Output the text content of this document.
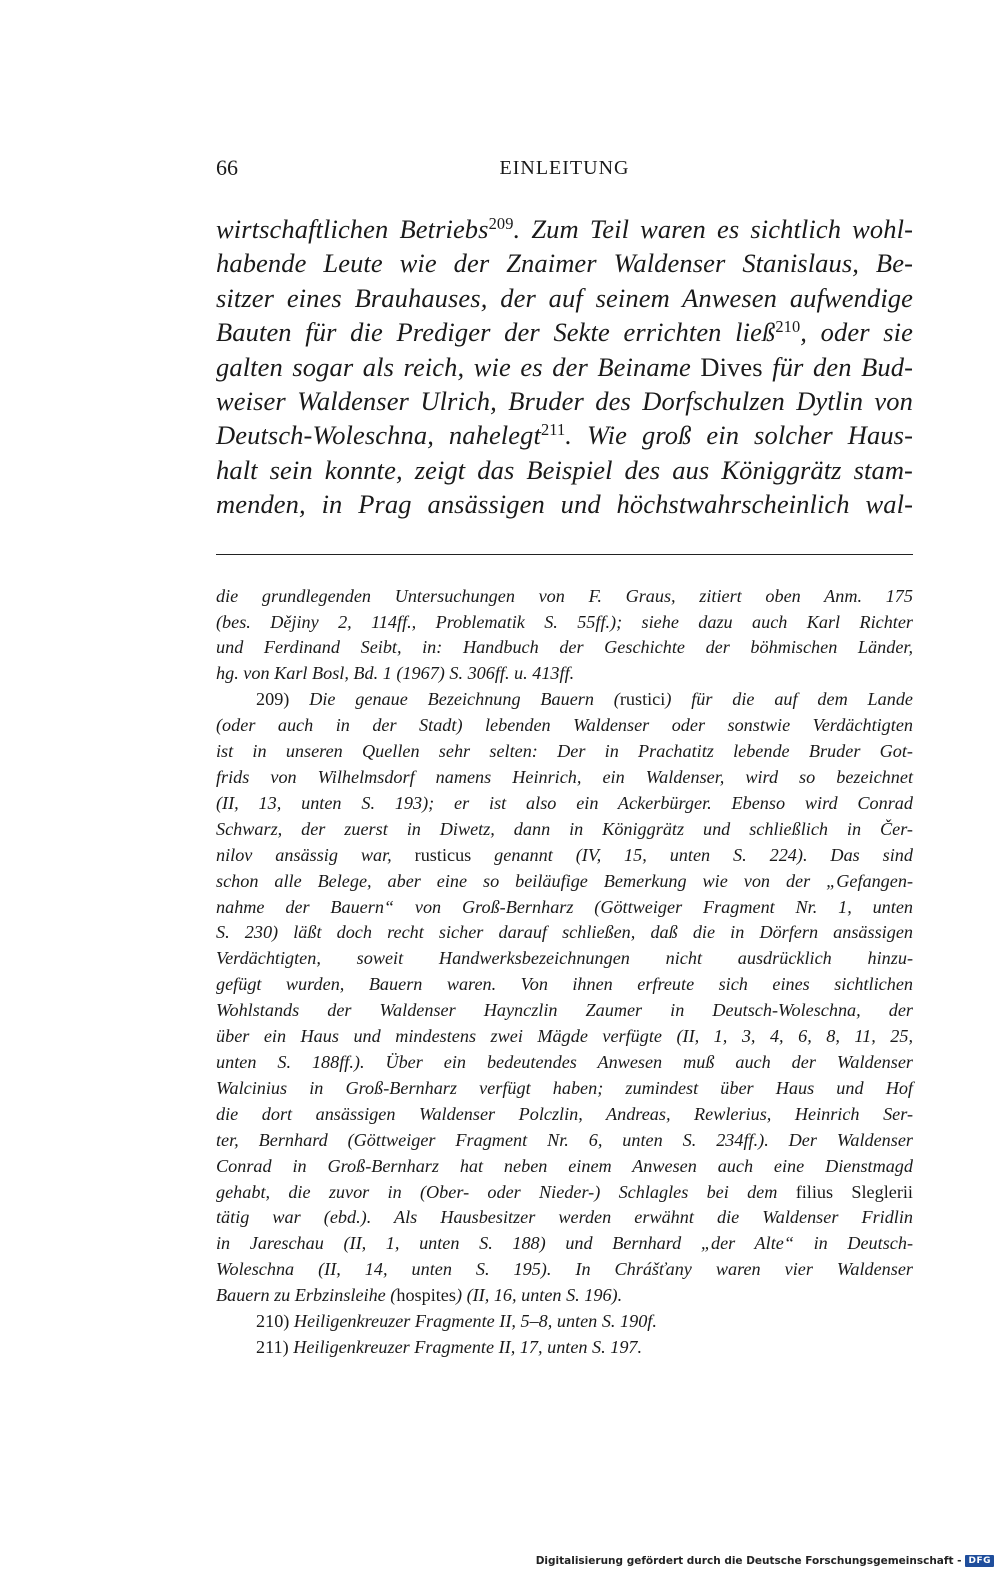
66	EINLEITUNG
wirtschaftlichen Betriebs$^{209}$. Zum Teil waren es sichtlich wohl-
habende Leute wie der Znaimer Waldenser Stanislaus, Be-
sitzer eines Brauhauses, der auf seinem Anwesen aufwendige
Bauten für die Prediger der Sekte errichten ließ$^{210}$, oder sie
galten sogar als reich, wie es der Beiname Dives für den Bud-
weiser Waldenser Ulrich, Bruder des Dorfschulzen Dytlin von
Deutsch-Woleschna, nahelegt$^{211}$. Wie groß ein solcher Haus-
halt sein konnte, zeigt das Beispiel des aus Königgrätz stam-
menden, in Prag ansässigen und höchstwahrscheinlich wal-
die grundlegenden Untersuchungen von F. Graus, zitiert oben Anm. 175
(bes. Dějiny 2, 114ff., Problematik S. 55ff.); siehe dazu auch Karl Richter
und Ferdinand Seibt, in: Handbuch der Geschichte der böhmischen Länder,
hg. von Karl Bosl, Bd. 1 (1967) S. 306ff. u. 413ff.
209) Die genaue Bezeichnung Bauern (rustici) für die auf dem Lande
(oder auch in der Stadt) lebenden Waldenser oder sonstwie Verdächtigten
ist in unseren Quellen sehr selten: Der in Prachatitz lebende Bruder Got-
frids von Wilhelmsdorf namens Heinrich, ein Waldenser, wird so bezeichnet
(II, 13, unten S. 193); er ist also ein Ackerbürger. Ebenso wird Conrad
Schwarz, der zuerst in Diwetz, dann in Königgrätz und schließlich in Čer-
nilov ansässig war, rusticus genannt (IV, 15, unten S. 224). Das sind
schon alle Belege, aber eine so beiläufige Bemerkung wie von der „Gefangen-
nahme der Bauern“ von Groß-Bernharz (Göttweiger Fragment Nr. 1, unten
S. 230) läßt doch recht sicher darauf schließen, daß die in Dörfern ansässigen
Verdächtigten, soweit Handwerksbezeichnungen nicht ausdrücklich hinzu-
gefügt wurden, Bauern waren. Von ihnen erfreute sich eines sichtlichen
Wohlstands der Waldenser Haynczlin Zaumer in Deutsch-Woleschna, der
über ein Haus und mindestens zwei Mägde verfügte (II, 1, 3, 4, 6, 8, 11, 25,
unten S. 188ff.). Über ein bedeutendes Anwesen muß auch der Waldenser
Walcinius in Groß-Bernharz verfügt haben; zumindest über Haus und Hof
die dort ansässigen Waldenser Polczlin, Andreas, Rewlerius, Heinrich Ser-
ter, Bernhard (Göttweiger Fragment Nr. 6, unten S. 234ff.). Der Waldenser
Conrad in Groß-Bernharz hat neben einem Anwesen auch eine Dienstmagd
gehabt, die zuvor in (Ober- oder Nieder-) Schlagles bei dem filius Sleglerii
tätig war (ebd.). Als Hausbesitzer werden erwähnt die Waldenser Fridlin
in Jareschau (II, 1, unten S. 188) und Bernhard „der Alte“ in Deutsch-
Woleschna (II, 14, unten S. 195). In Chrášťany waren vier Waldenser
Bauern zu Erbzinsleihe (hospites) (II, 16, unten S. 196).
210) Heiligenkreuzer Fragmente II, 5–8, unten S. 190f.
211) Heiligenkreuzer Fragmente II, 17, unten S. 197.
Digitalisierung gefördert durch die Deutsche Forschungsgemeinschaft - DFG
